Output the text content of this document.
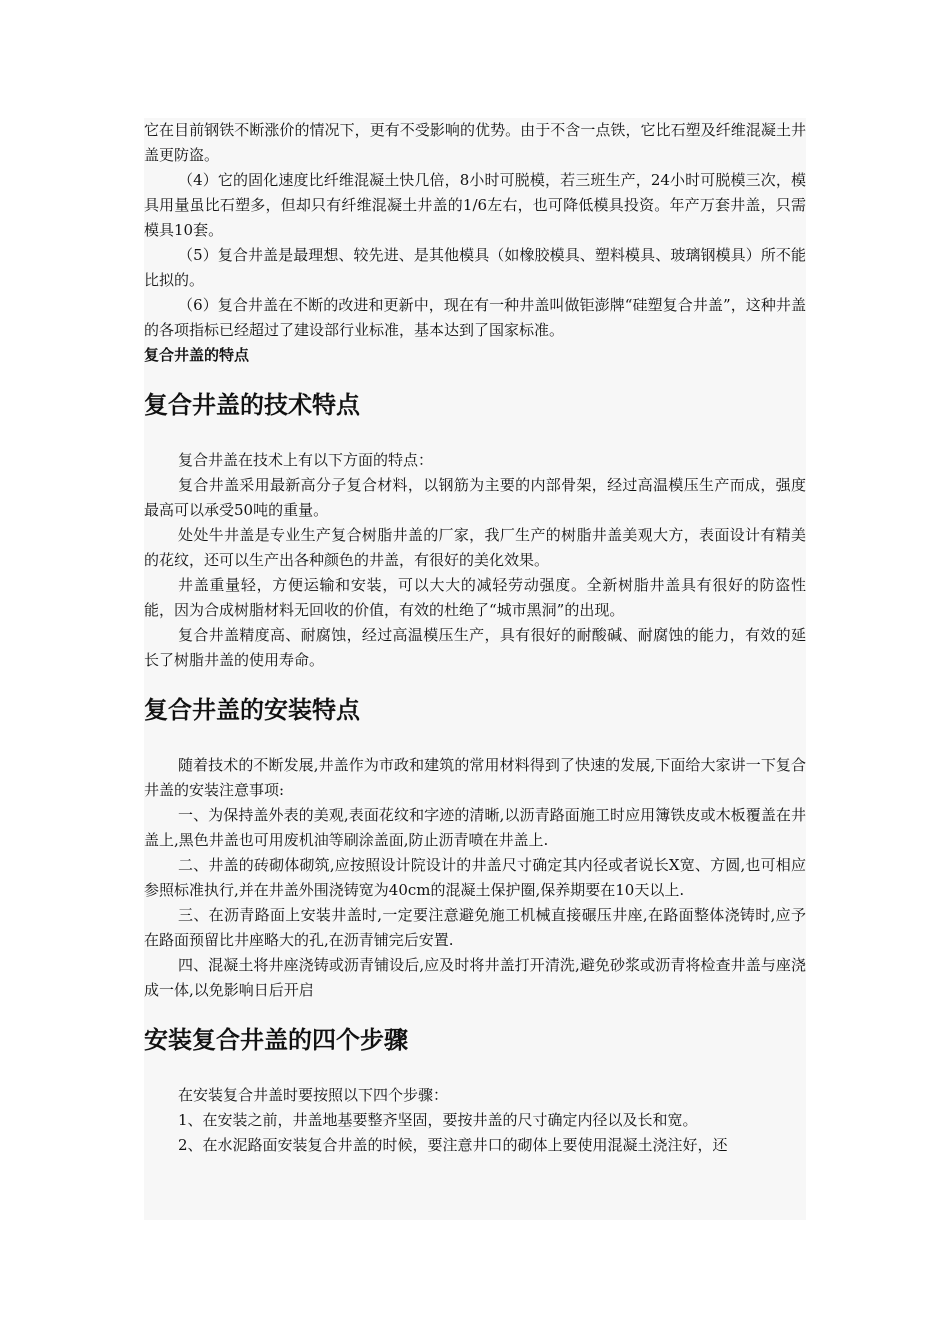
它在目前钢铁不断涨价的情况下，更有不受影响的优势。由于不含一点铁，它比石塑及纤维混凝土井盖更防盗。

（4）它的固化速度比纤维混凝土快几倍，8小时可脱模，若三班生产，24小时可脱模三次，模具用量虽比石塑多，但却只有纤维混凝土井盖的1/6左右，也可降低模具投资。年产万套井盖，只需模具10套。

（5）复合井盖是最理想、较先进、是其他模具（如橡胶模具、塑料模具、玻璃钢模具）所不能比拟的。

（6）复合井盖在不断的改进和更新中，现在有一种井盖叫做钜澎牌“硅塑复合井盖”，这种井盖的各项指标已经超过了建设部行业标准，基本达到了国家标准。

复合井盖的特点

复合井盖的技术特点

复合井盖在技术上有以下方面的特点：

复合井盖采用最新高分子复合材料，以钢筋为主要的内部骨架，经过高温模压生产而成，强度最高可以承受50吨的重量。

处处牛井盖是专业生产复合树脂井盖的厂家，我厂生产的树脂井盖美观大方，表面设计有精美的花纹，还可以生产出各种颜色的井盖，有很好的美化效果。

井盖重量轻，方便运输和安装，可以大大的减轻劳动强度。全新树脂井盖具有很好的防盗性能，因为合成树脂材料无回收的价值，有效的杜绝了“城市黑洞”的出现。

复合井盖精度高、耐腐蚀，经过高温模压生产，具有很好的耐酸碱、耐腐蚀的能力，有效的延长了树脂井盖的使用寿命。

复合井盖的安装特点

随着技术的不断发展,井盖作为市政和建筑的常用材料得到了快速的发展,下面给大家讲一下复合井盖的安装注意事项:

一、为保持盖外表的美观,表面花纹和字迹的清晰,以沥青路面施工时应用簿铁皮或木板覆盖在井盖上,黑色井盖也可用废机油等刷涂盖面,防止沥青喷在井盖上.

二、井盖的砖砌体砌筑,应按照设计院设计的井盖尺寸确定其内径或者说长X宽、方圆,也可相应参照标准执行,并在井盖外围浇铸宽为40cm的混凝土保护圈,保养期要在10天以上.

三、在沥青路面上安装井盖时,一定要注意避免施工机械直接碾压井座,在路面整体浇铸时,应予在路面预留比井座略大的孔,在沥青铺完后安置.

四、混凝土将井座浇铸或沥青铺设后,应及时将井盖打开清洗,避免砂浆或沥青将检查井盖与座浇成一体,以免影响日后开启

安装复合井盖的四个步骤

在安装复合井盖时要按照以下四个步骤：

1、在安装之前，井盖地基要整齐坚固，要按井盖的尺寸确定内径以及长和宽。

2、在水泥路面安装复合井盖的时候，要注意井口的砌体上要使用混凝土浇注好，还
